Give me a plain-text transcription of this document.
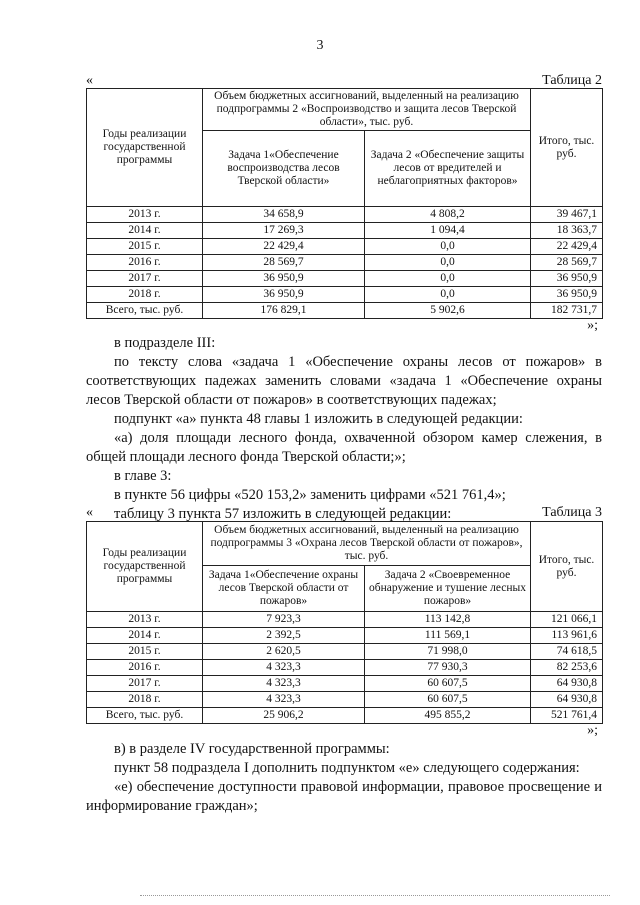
3
«	Таблица 2
Годы реализации государственной программы	Объем бюджетных ассигнований, выделенный на реализацию подпрограммы 2 «Воспроизводство и защита лесов Тверской области», тыс. руб.		Итого, тыс. руб.
	Задача 1«Обеспечение воспроизводства лесов Тверской области»	Задача 2 «Обеспечение защиты лесов от вредителей и неблагоприятных факторов»	
2013 г.	34 658,9	4 808,2	39 467,1
2014 г.	17 269,3	1 094,4	18 363,7
2015 г.	22 429,4	0,0	22 429,4
2016 г.	28 569,7	0,0	28 569,7
2017 г.	36 950,9	0,0	36 950,9
2018 г.	36 950,9	0,0	36 950,9
Всего, тыс. руб.	176 829,1	5 902,6	182 731,7
»;

в подразделе III:

по тексту слова «задача 1 «Обеспечение охраны лесов от пожаров» в соответствующих падежах заменить словами «задача 1 «Обеспечение охраны лесов Тверской области от пожаров» в соответствующих падежах;

подпункт «а» пункта 48 главы 1 изложить в следующей редакции:

«а) доля площади лесного фонда, охваченной обзором камер слежения, в общей площади лесного фонда Тверской области;»;

в главе 3:

в пункте 56 цифры «520 153,2» заменить цифрами «521 761,4»;

таблицу 3 пункта 57 изложить в следующей редакции:

«	Таблица 3
Годы реализации государственной программы	Объем бюджетных ассигнований, выделенный на реализацию подпрограммы 3 «Охрана лесов Тверской области от пожаров», тыс. руб.		Итого, тыс. руб.
	Задача 1«Обеспечение охраны лесов Тверской области от пожаров»	Задача 2 «Своевременное обнаружение и тушение лесных пожаров»	
2013 г.	7 923,3	113 142,8	121 066,1
2014 г.	2 392,5	111 569,1	113 961,6
2015 г.	2 620,5	71 998,0	74 618,5
2016 г.	4 323,3	77 930,3	82 253,6
2017 г.	4 323,3	60 607,5	64 930,8
2018 г.	4 323,3	60 607,5	64 930,8
Всего, тыс. руб.	25 906,2	495 855,2	521 761,4
»;

в) в разделе IV государственной программы:

пункт 58 подраздела I дополнить подпунктом «е» следующего содержания:

«е) обеспечение доступности правовой информации, правовое просвещение и информирование граждан»;
